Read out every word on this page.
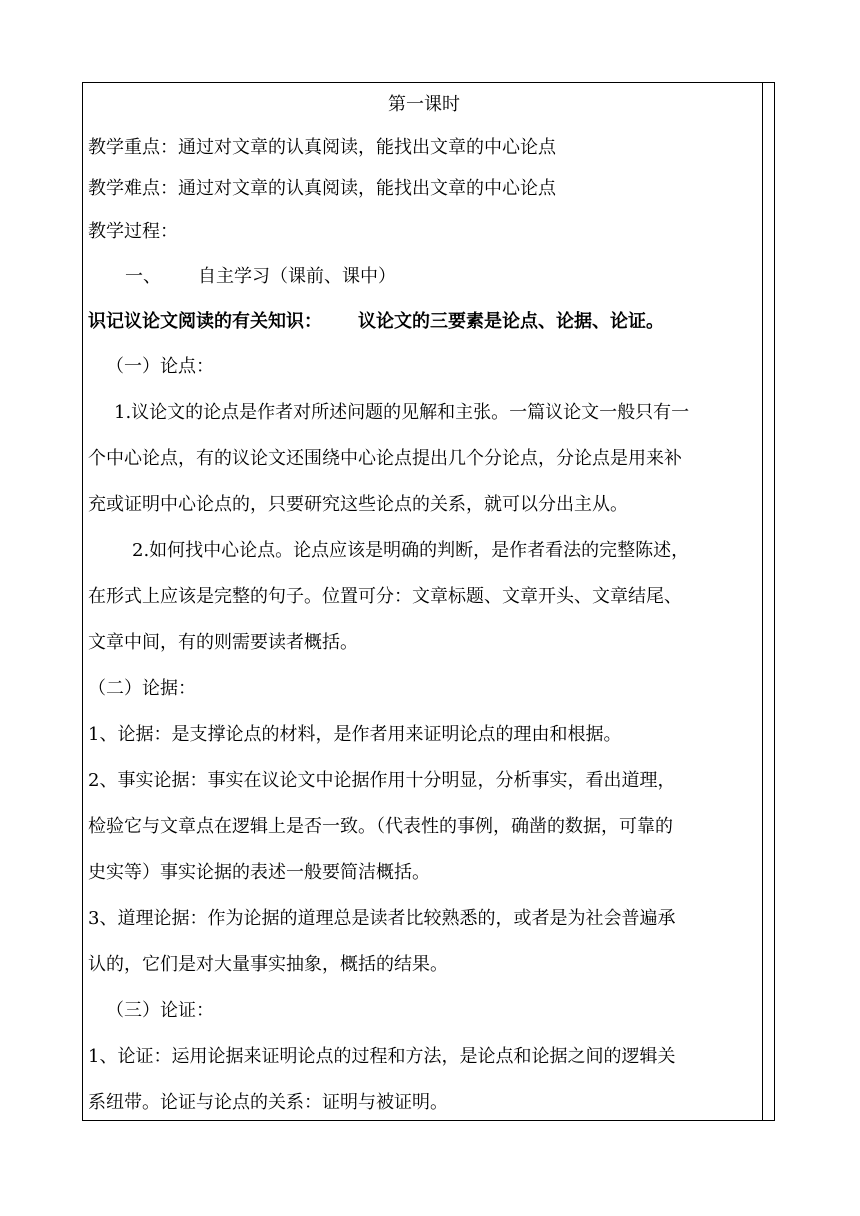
第一课时
教学重点：通过对文章的认真阅读，能找出文章的中心论点
教学难点：通过对文章的认真阅读，能找出文章的中心论点
教学过程：
一、 自主学习（课前、课中）
识记议论文阅读的有关知识： 议论文的三要素是论点、论据、论证。
（一）论点：
1.议论文的论点是作者对所述问题的见解和主张。一篇议论文一般只有一
个中心论点，有的议论文还围绕中心论点提出几个分论点，分论点是用来补
充或证明中心论点的，只要研究这些论点的关系，就可以分出主从。
2.如何找中心论点。论点应该是明确的判断，是作者看法的完整陈述，
在形式上应该是完整的句子。位置可分：文章标题、文章开头、文章结尾、
文章中间，有的则需要读者概括。
（二）论据：
1、论据：是支撑论点的材料，是作者用来证明论点的理由和根据。
2、事实论据：事实在议论文中论据作用十分明显，分析事实，看出道理，
检验它与文章点在逻辑上是否一致。（代表性的事例，确凿的数据，可靠的
史实等）事实论据的表述一般要简洁概括。
3、道理论据：作为论据的道理总是读者比较熟悉的，或者是为社会普遍承
认的，它们是对大量事实抽象，概括的结果。
（三）论证：
1、论证：运用论据来证明论点的过程和方法，是论点和论据之间的逻辑关
系纽带。论证与论点的关系：证明与被证明。
